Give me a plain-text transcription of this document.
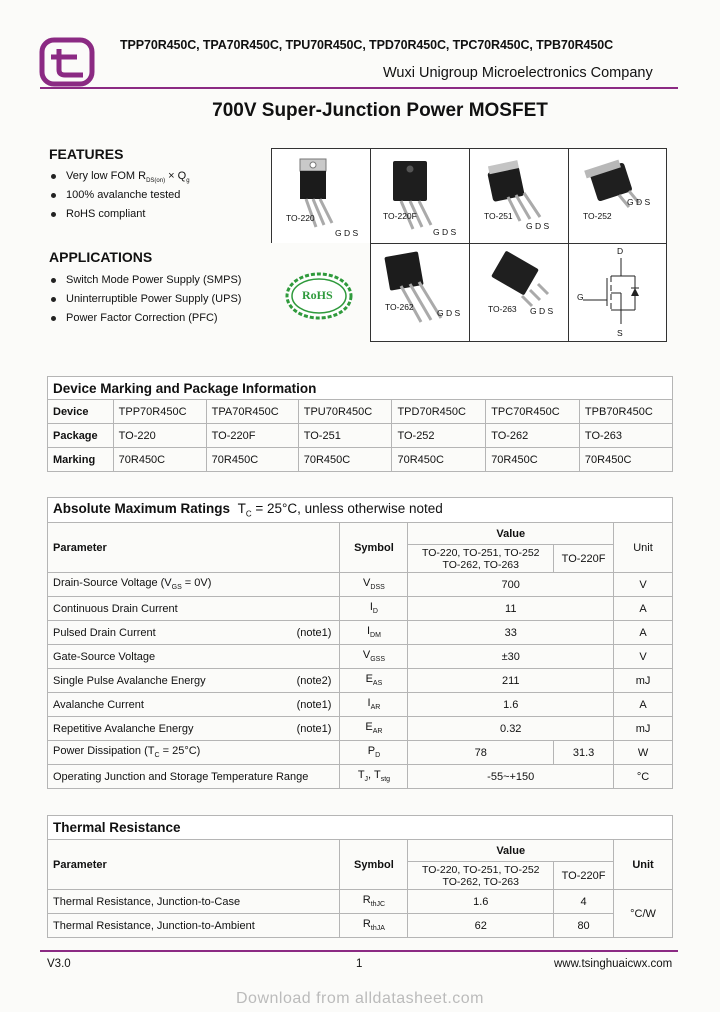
TPP70R450C, TPA70R450C, TPU70R450C, TPD70R450C, TPC70R450C, TPB70R450C
Wuxi Unigroup Microelectronics Company
700V Super-Junction Power MOSFET
FEATURES
Very low FOM $R_{DS(on)} \times Q_g$
100% avalanche tested
RoHS compliant
APPLICATIONS
Switch Mode Power Supply (SMPS)
Uninterruptible Power Supply (UPS)
Power Factor Correction (PFC)
TO-220
G D S
TO-220F
G D S
TO-251
G D S
TO-252
G D S
RoHS
TO-262
G D S	TO-263 G D S
D
G
S
Device Marking and Package Information						
Device	TPP70R450C	TPA70R450C	TPU70R450C	TPD70R450C	TPC70R450C	TPB70R450C
Package	TO-220	TO-220F	TO-251	TO-252	TO-262	TO-263
Marking	70R450C	70R450C	70R450C	70R450C	70R450C	70R450C
Absolute Maximum Ratings $T_C = 25^\circ C$, unless otherwise noted				
Parameter	Symbol	Value		Unit
		TO-220, TO-251, TO-252
TO-262, TO-263	TO-220F	
Drain-Source Voltage $(V_{GS} = 0V)$	$V_{DSS}$	700		V
Continuous Drain Current	$I_D$	11		A
Pulsed Drain Current (note1)	$I_{DM}$	33		A
Gate-Source Voltage	$V_{GSS}$	±30		V
Single Pulse Avalanche Energy (note2)	$E_{AS}$	211		mJ
Avalanche Current (note1)	$I_{AR}$	1.6		A
Repetitive Avalanche Energy (note1)	$E_{AR}$	0.32		mJ
Power Dissipation $(T_C = 25^\circ C)$	$P_D$	78	31.3	W
Operating Junction and Storage Temperature Range	$T_J$, $T_{stg}$	-55~+150		°C
Thermal Resistance				
Parameter	Symbol	Value		Unit
		TO-220, TO-251, TO-252
TO-262, TO-263	TO-220F	
Thermal Resistance, Junction-to-Case	$R_{thJC}$	1.6	4	°C/W
Thermal Resistance, Junction-to-Ambient	$R_{thJA}$	62	80	
V3.0	1	www.tsinghuaicwx.com
Download from alldatasheet.com
